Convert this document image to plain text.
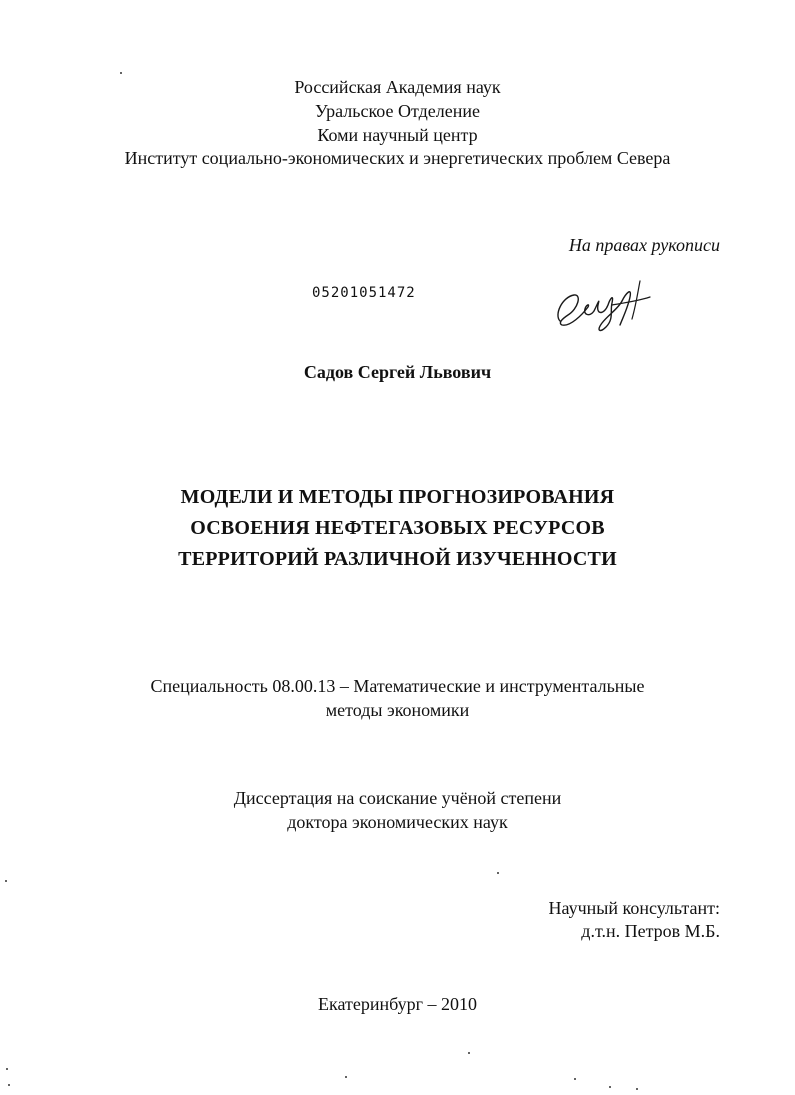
Российская Академия наук
Уральское Отделение
Коми научный центр
Институт социально-экономических и энергетических проблем Севера
На правах рукописи
05201051472
Садов Сергей Львович
МОДЕЛИ И МЕТОДЫ ПРОГНОЗИРОВАНИЯ
ОСВОЕНИЯ НЕФТЕГАЗОВЫХ РЕСУРСОВ
ТЕРРИТОРИЙ РАЗЛИЧНОЙ ИЗУЧЕННОСТИ
Специальность 08.00.13 – Математические и инструментальные
методы экономики
Диссертация на соискание учёной степени
доктора экономических наук
Научный консультант:
д.т.н. Петров М.Б.
Екатеринбург – 2010
